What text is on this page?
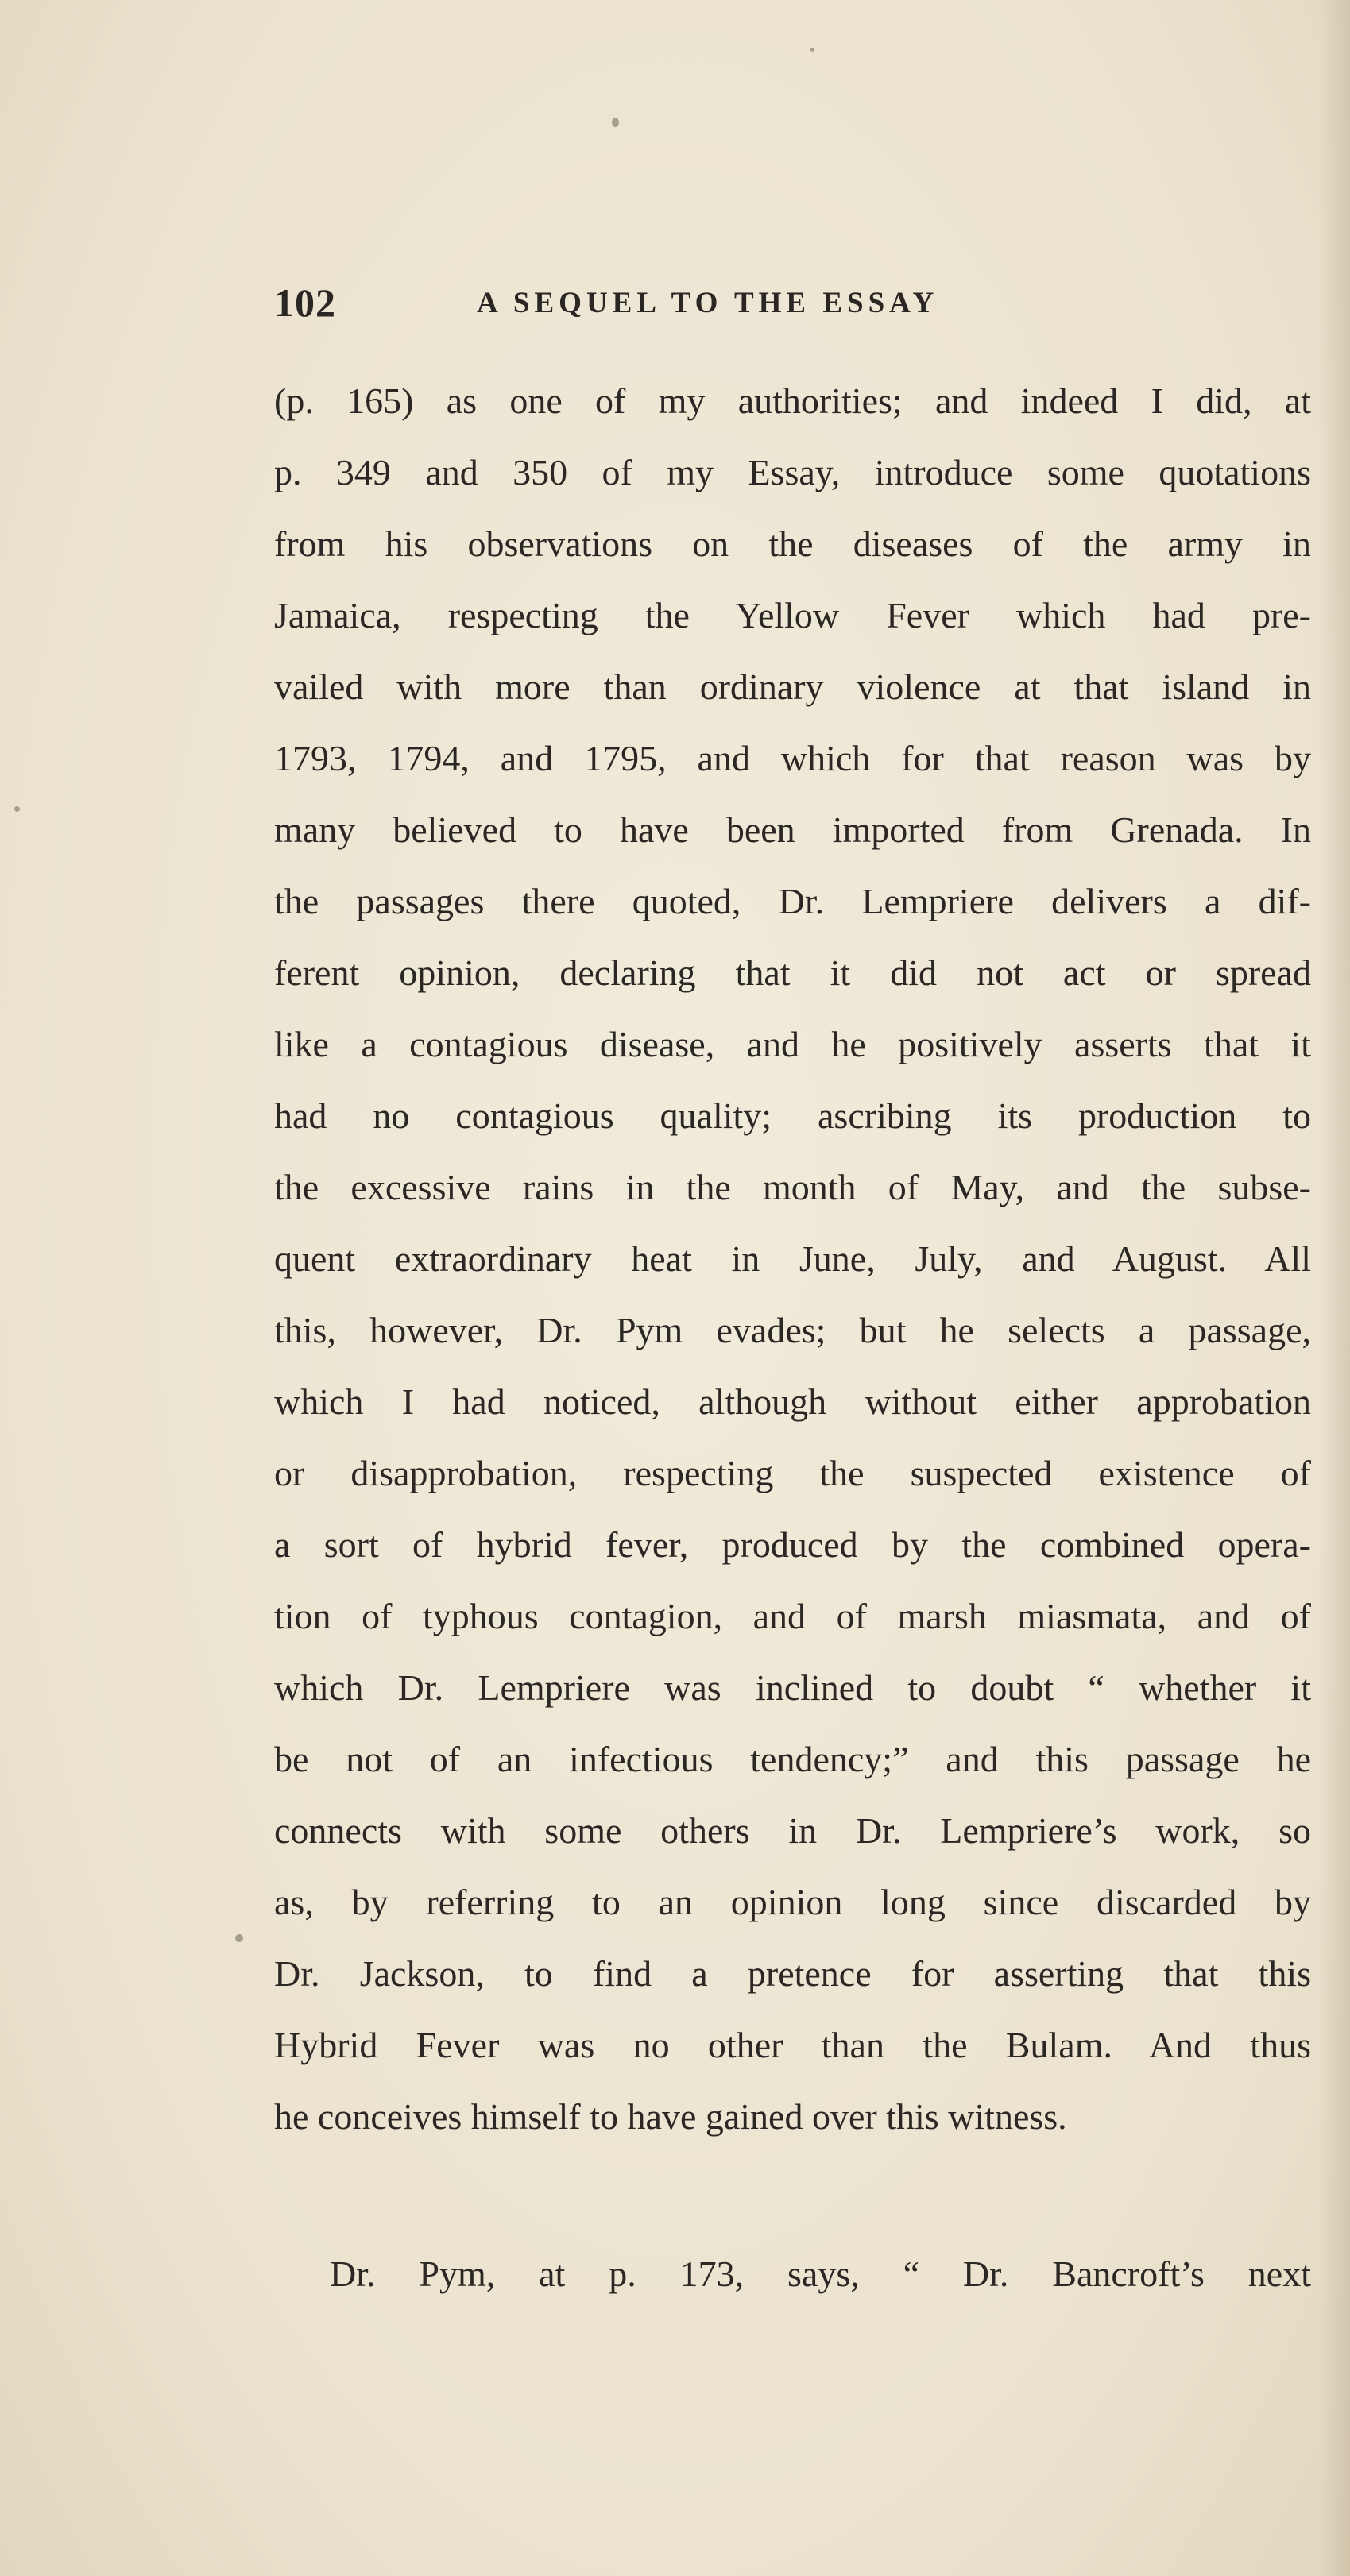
102	A SEQUEL TO THE ESSAY
(p. 165) as one of my authorities; and indeed I did, at
p. 349 and 350 of my Essay, introduce some quotations
from his observations on the diseases of the army in
Jamaica, respecting the Yellow Fever which had pre-
vailed with more than ordinary violence at that island in
1793, 1794, and 1795, and which for that reason was by
many believed to have been imported from Grenada. In
the passages there quoted, Dr. Lempriere delivers a dif-
ferent opinion, declaring that it did not act or spread
like a contagious disease, and he positively asserts that it
had no contagious quality; ascribing its production to
the excessive rains in the month of May, and the subse-
quent extraordinary heat in June, July, and August. All
this, however, Dr. Pym evades; but he selects a passage,
which I had noticed, although without either approbation
or disapprobation, respecting the suspected existence of
a sort of hybrid fever, produced by the combined opera-
tion of typhous contagion, and of marsh miasmata, and of
which Dr. Lempriere was inclined to doubt “ whether it
be not of an infectious tendency;” and this passage he
connects with some others in Dr. Lempriere’s work, so
as, by referring to an opinion long since discarded by
Dr. Jackson, to find a pretence for asserting that this
Hybrid Fever was no other than the Bulam. And thus
he conceives himself to have gained over this witness.
Dr. Pym, at p. 173, says, “ Dr. Bancroft’s next
